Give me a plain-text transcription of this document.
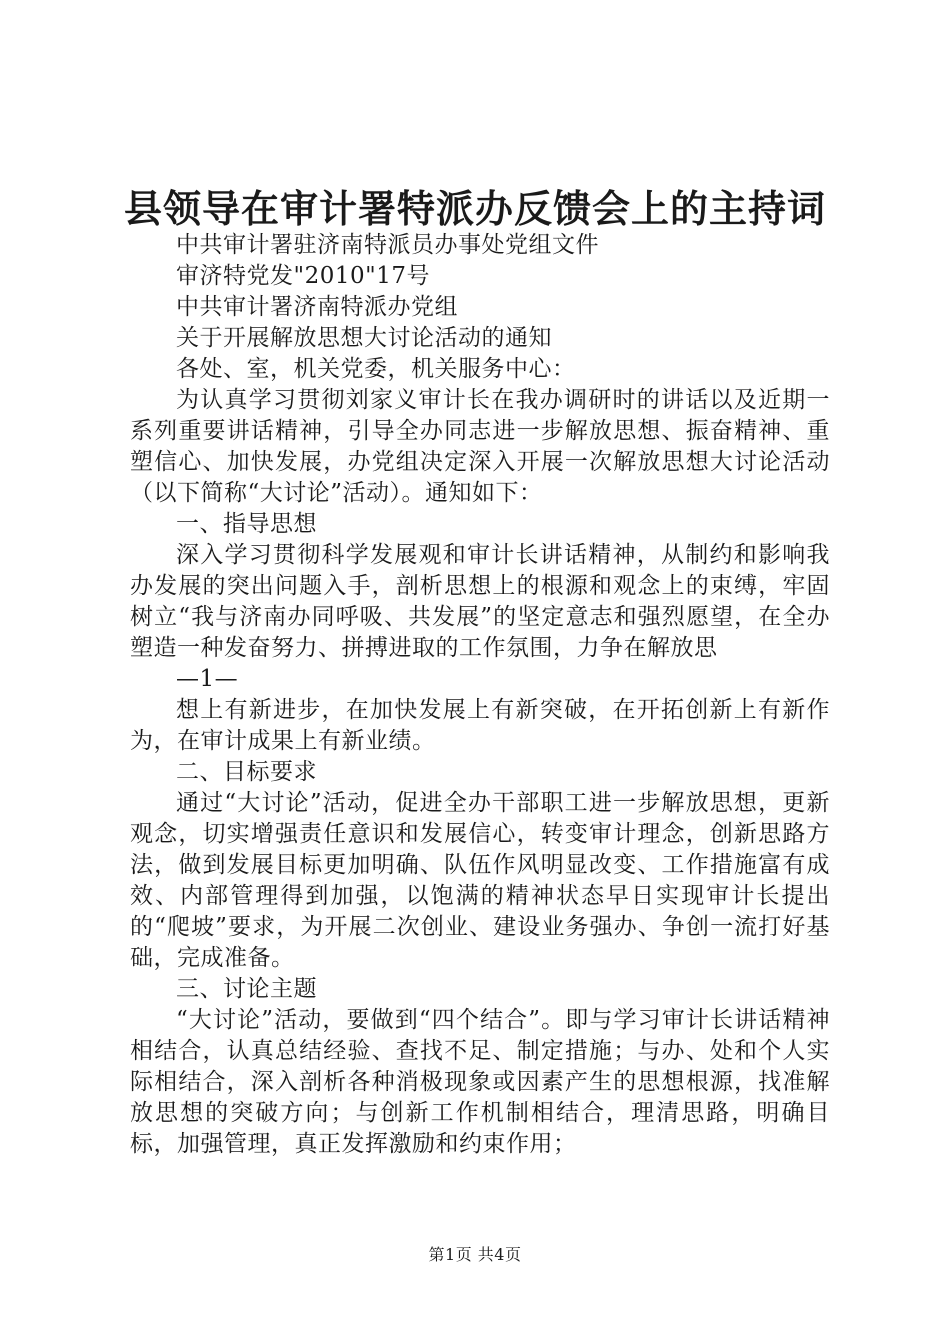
县领导在审计署特派办反馈会上的主持词

中共审计署驻济南特派员办事处党组文件

审济特党发"2010"17号

中共审计署济南特派办党组

关于开展解放思想大讨论活动的通知

各处、室，机关党委，机关服务中心：

为认真学习贯彻刘家义审计长在我办调研时的讲话以及近期一系列重要讲话精神，引导全办同志进一步解放思想、振奋精神、重塑信心、加快发展，办党组决定深入开展一次解放思想大讨论活动（以下简称“大讨论”活动）。通知如下：

一、指导思想

深入学习贯彻科学发展观和审计长讲话精神，从制约和影响我办发展的突出问题入手，剖析思想上的根源和观念上的束缚，牢固树立“我与济南办同呼吸、共发展”的坚定意志和强烈愿望，在全办塑造一种发奋努力、拼搏进取的工作氛围，力争在解放思

—1—

想上有新进步，在加快发展上有新突破，在开拓创新上有新作为，在审计成果上有新业绩。

二、目标要求

通过“大讨论”活动，促进全办干部职工进一步解放思想，更新观念，切实增强责任意识和发展信心，转变审计理念，创新思路方法，做到发展目标更加明确、队伍作风明显改变、工作措施富有成效、内部管理得到加强，以饱满的精神状态早日实现审计长提出的“爬坡”要求，为开展二次创业、建设业务强办、争创一流打好基础，完成准备。

三、讨论主题

“大讨论”活动，要做到“四个结合”。即与学习审计长讲话精神相结合，认真总结经验、查找不足、制定措施；与办、处和个人实际相结合，深入剖析各种消极现象或因素产生的思想根源，找准解放思想的突破方向；与创新工作机制相结合，理清思路，明确目标，加强管理，真正发挥激励和约束作用；

第1页 共4页
